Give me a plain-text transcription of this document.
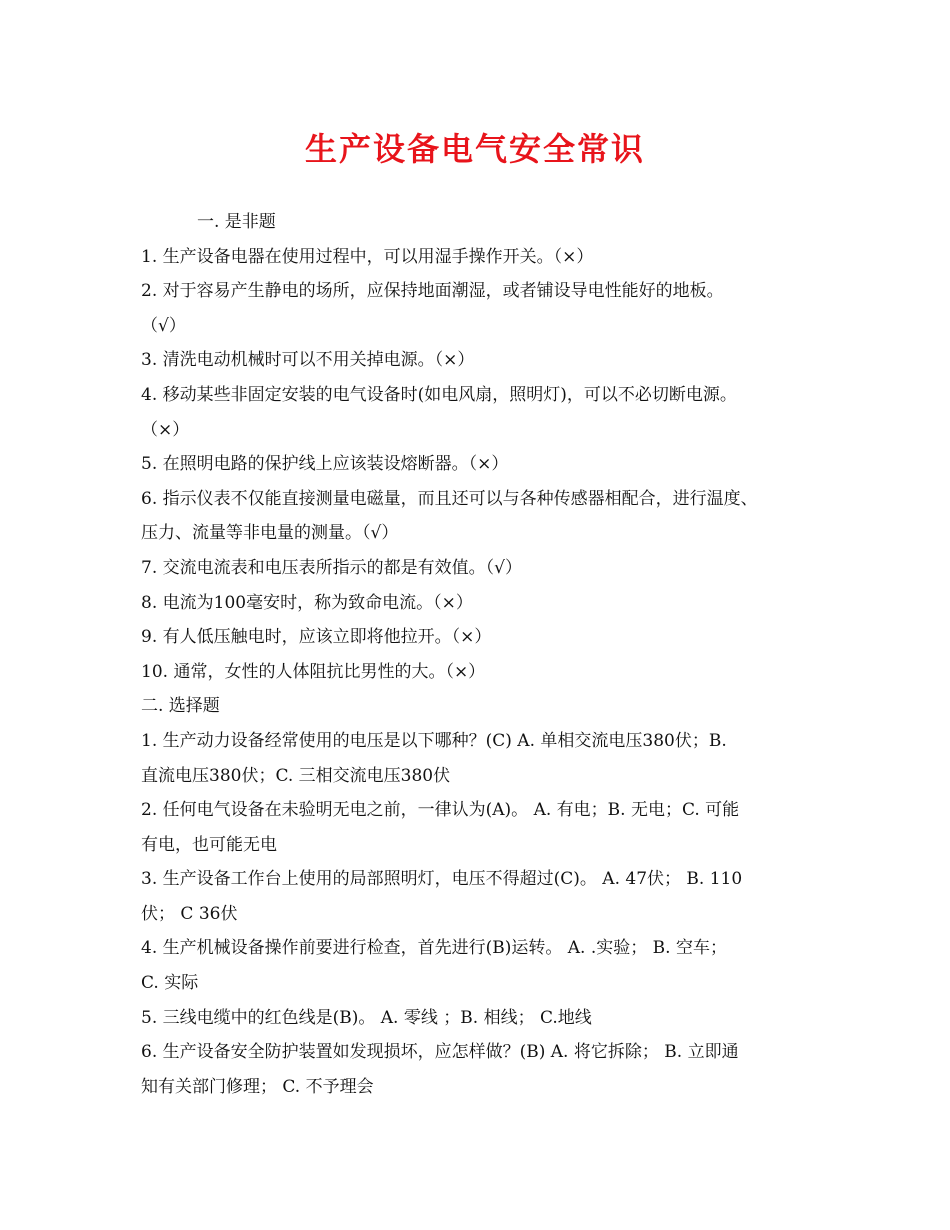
生产设备电气安全常识
一. 是非题
1. 生产设备电器在使用过程中，可以用湿手操作开关。（×）
2. 对于容易产生静电的场所，应保持地面潮湿，或者铺设导电性能好的地板。
（√）
3. 清洗电动机械时可以不用关掉电源。（×）
4. 移动某些非固定安装的电气设备时(如电风扇，照明灯)，可以不必切断电源。
（×）
5. 在照明电路的保护线上应该装设熔断器。（×）
6. 指示仪表不仅能直接测量电磁量，而且还可以与各种传感器相配合，进行温度、
压力、流量等非电量的测量。（√）
7. 交流电流表和电压表所指示的都是有效值。（√）
8. 电流为100毫安时，称为致命电流。（×）
9. 有人低压触电时，应该立即将他拉开。（×）
10. 通常，女性的人体阻抗比男性的大。（×）
二. 选择题
1. 生产动力设备经常使用的电压是以下哪种？(C) A. 单相交流电压380伏；B.
直流电压380伏；C. 三相交流电压380伏
2. 任何电气设备在未验明无电之前，一律认为(A)。 A. 有电；B. 无电；C. 可能
有电，也可能无电
3. 生产设备工作台上使用的局部照明灯，电压不得超过(C)。 A. 47伏； B. 110
伏； C 36伏
4. 生产机械设备操作前要进行检查，首先进行(B)运转。 A. .实验； B. 空车；
C. 实际
5. 三线电缆中的红色线是(B)。 A. 零线 ；B. 相线； C.地线
6. 生产设备安全防护装置如发现损坏，应怎样做？(B) A. 将它拆除； B. 立即通
知有关部门修理； C. 不予理会
